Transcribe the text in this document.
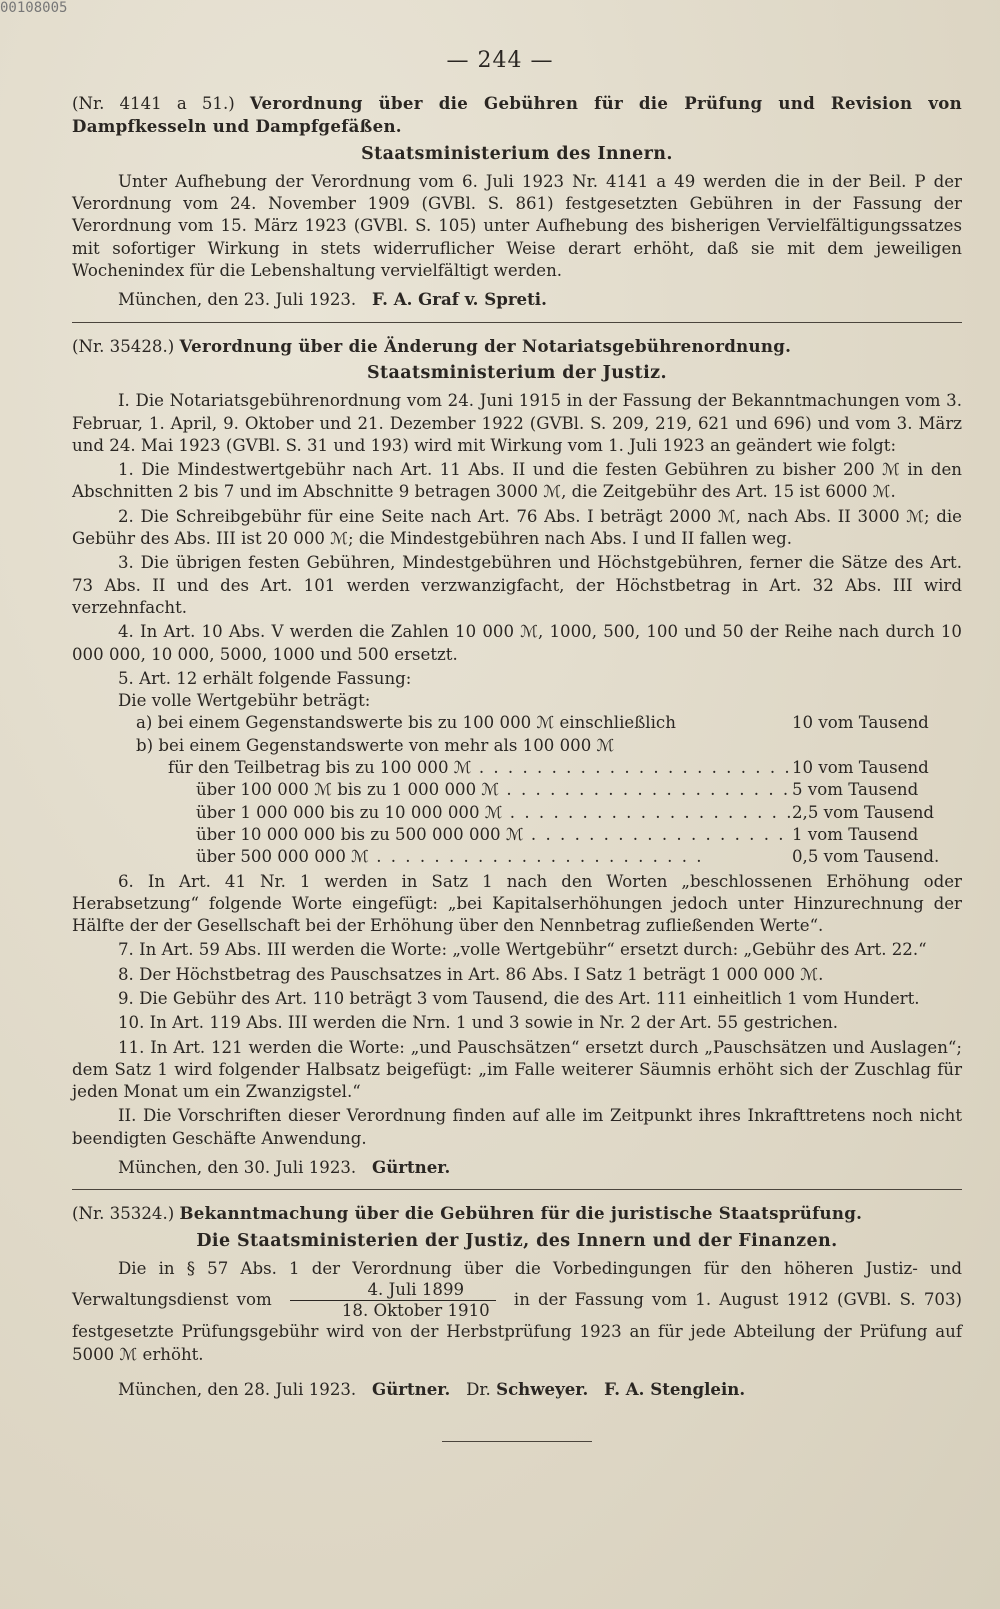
00108005
— 244 —

(Nr. 4141 a 51.) Verordnung über die Gebühren für die Prüfung und Revision von Dampfkesseln und Dampfgefäßen.

Staatsministerium des Innern.

Unter Aufhebung der Verordnung vom 6. Juli 1923 Nr. 4141 a 49 werden die in der Beil. P der Verordnung vom 24. November 1909 (GVBl. S. 861) festgesetzten Gebühren in der Fassung der Verordnung vom 15. März 1923 (GVBl. S. 105) unter Aufhebung des bisherigen Vervielfältigungssatzes mit sofortiger Wirkung in stets widerruflicher Weise derart erhöht, daß sie mit dem jeweiligen Wochenindex für die Lebenshaltung vervielfältigt werden.

München, den 23. Juli 1923. F. A. Graf v. Spreti.

(Nr. 35428.) Verordnung über die Änderung der Notariatsgebührenordnung.

Staatsministerium der Justiz.

I. Die Notariatsgebührenordnung vom 24. Juni 1915 in der Fassung der Bekanntmachungen vom 3. Februar, 1. April, 9. Oktober und 21. Dezember 1922 (GVBl. S. 209, 219, 621 und 696) und vom 3. März und 24. Mai 1923 (GVBl. S. 31 und 193) wird mit Wirkung vom 1. Juli 1923 an geändert wie folgt:

1. Die Mindestwertgebühr nach Art. 11 Abs. II und die festen Gebühren zu bisher 200 ℳ in den Abschnitten 2 bis 7 und im Abschnitte 9 betragen 3000 ℳ, die Zeitgebühr des Art. 15 ist 6000 ℳ.

2. Die Schreibgebühr für eine Seite nach Art. 76 Abs. I beträgt 2000 ℳ, nach Abs. II 3000 ℳ; die Gebühr des Abs. III ist 20 000 ℳ; die Mindestgebühren nach Abs. I und II fallen weg.

3. Die übrigen festen Gebühren, Mindestgebühren und Höchstgebühren, ferner die Sätze des Art. 73 Abs. II und des Art. 101 werden verzwanzigfacht, der Höchstbetrag in Art. 32 Abs. III wird verzehnfacht.

4. In Art. 10 Abs. V werden die Zahlen 10 000 ℳ, 1000, 500, 100 und 50 der Reihe nach durch 10 000 000, 10 000, 5000, 1000 und 500 ersetzt.

5. Art. 12 erhält folgende Fassung:

Die volle Wertgebühr beträgt:

a) bei einem Gegenstandswerte bis zu 100 000 ℳ einschließlich	10 vom Tausend
b) bei einem Gegenstandswerte von mehr als 100 000 ℳ
für den Teilbetrag bis zu 100 000 ℳ . . .	10 vom Tausend
über 100 000 ℳ bis zu 1 000 000 ℳ . . .	5 vom Tausend
über 1 000 000 bis zu 10 000 000 ℳ . . .	2,5 vom Tausend
über 10 000 000 bis zu 500 000 000 ℳ . . .	1 vom Tausend
über 500 000 000 ℳ . . .	0,5 vom Tausend.

6. In Art. 41 Nr. 1 werden in Satz 1 nach den Worten „beschlossenen Erhöhung oder Herabsetzung“ folgende Worte eingefügt: „bei Kapitalserhöhungen jedoch unter Hinzurechnung der Hälfte der der Gesellschaft bei der Erhöhung über den Nennbetrag zufließenden Werte“.

7. In Art. 59 Abs. III werden die Worte: „volle Wertgebühr“ ersetzt durch: „Gebühr des Art. 22.“

8. Der Höchstbetrag des Pauschsatzes in Art. 86 Abs. I Satz 1 beträgt 1 000 000 ℳ.

9. Die Gebühr des Art. 110 beträgt 3 vom Tausend, die des Art. 111 einheitlich 1 vom Hundert.

10. In Art. 119 Abs. III werden die Nrn. 1 und 3 sowie in Nr. 2 der Art. 55 gestrichen.

11. In Art. 121 werden die Worte: „und Pauschsätzen“ ersetzt durch „Pauschsätzen und Auslagen“; dem Satz 1 wird folgender Halbsatz beigefügt: „im Falle weiterer Säumnis erhöht sich der Zuschlag für jeden Monat um ein Zwanzigstel.“

II. Die Vorschriften dieser Verordnung finden auf alle im Zeitpunkt ihres Inkrafttretens noch nicht beendigten Geschäfte Anwendung.

München, den 30. Juli 1923. Gürtner.

(Nr. 35324.) Bekanntmachung über die Gebühren für die juristische Staatsprüfung.

Die Staatsministerien der Justiz, des Innern und der Finanzen.

Die in § 57 Abs. 1 der Verordnung über die Vorbedingungen für den höheren Justiz- und Verwaltungsdienst vom $\frac{\text{4. Juli 1899}}{\text{18. Oktober 1910}}$ in der Fassung vom 1. August 1912 (GVBl. S. 703) festgesetzte Prüfungsgebühr wird von der Herbstprüfung 1923 an für jede Abteilung der Prüfung auf 5000 ℳ erhöht.

München, den 28. Juli 1923. Gürtner. Dr. Schweyer. F. A. Stenglein.
